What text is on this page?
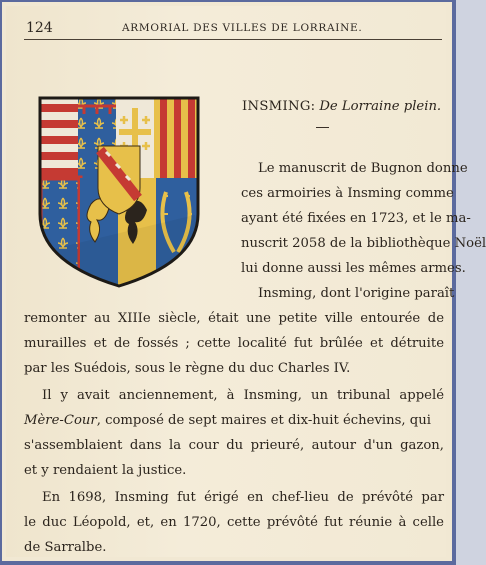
124	ARMORIAL DES VILLES DE LORRAINE.
INSMING: De Lorraine plein.
Le manuscrit de Bugnon donne
ces armoiries à Insming comme
ayant été fixées en 1723, et le ma-
nuscrit 2058 de la bibliothèque Noël
lui donne aussi les mêmes armes.
Insming, dont l'origine paraît
remonter au XIIIe siècle, était une petite ville entourée de
murailles et de fossés ; cette localité fut brûlée et détruite
par les Suédois, sous le règne du duc Charles IV.
Il y avait anciennement, à Insming, un tribunal appelé
Mère-Cour, composé de sept maires et dix-huit échevins, qui
s'assemblaient dans la cour du prieuré, autour d'un gazon,
et y rendaient la justice.
En 1698, Insming fut érigé en chef-lieu de prévôté par
le duc Léopold, et, en 1720, cette prévôté fut réunie à celle
de Sarralbe.
